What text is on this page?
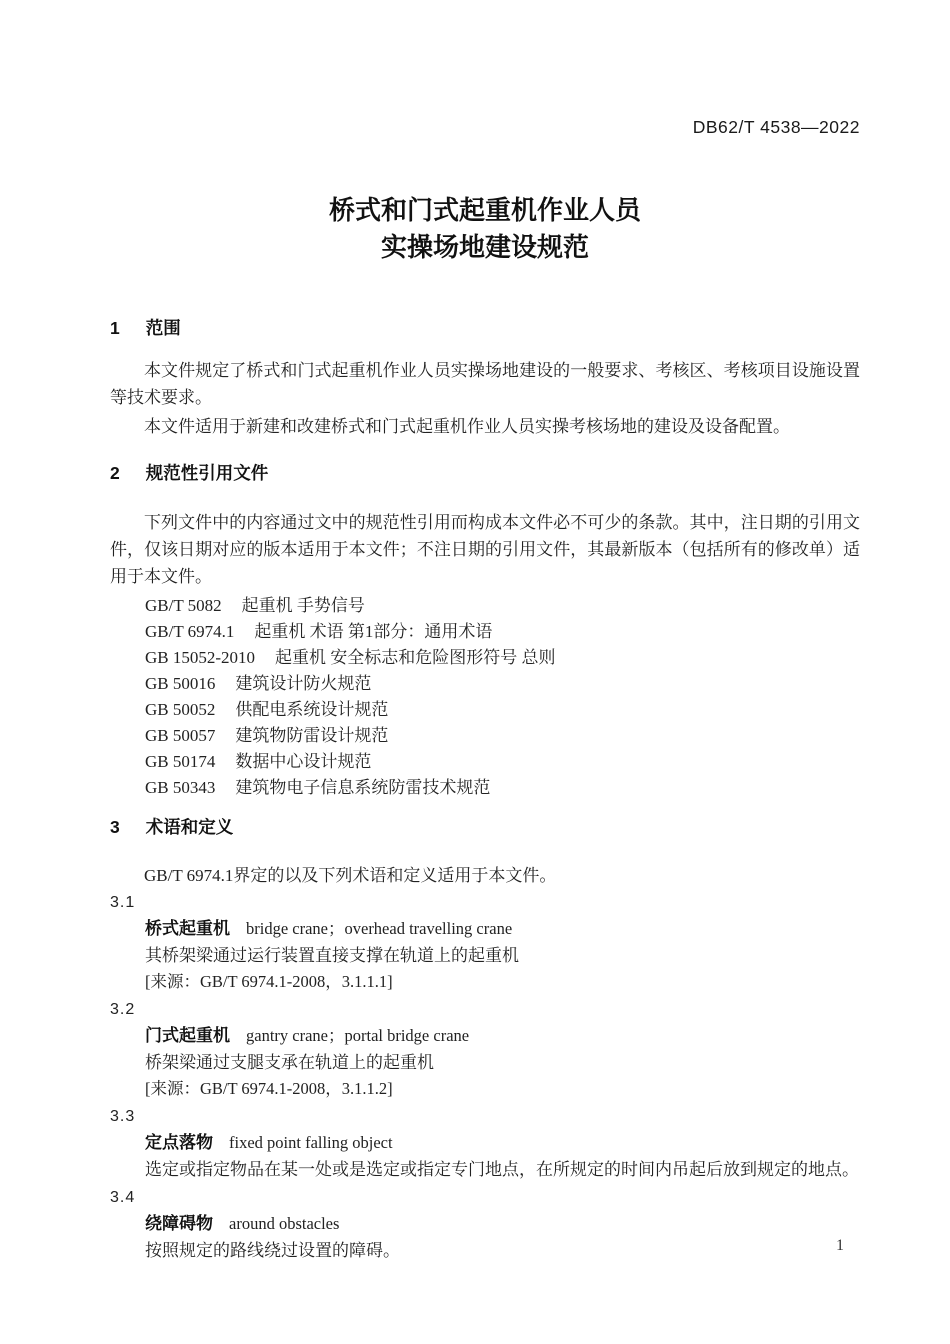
DB62/T 4538—2022
桥式和门式起重机作业人员
实操场地建设规范
1 范围

本文件规定了桥式和门式起重机作业人员实操场地建设的一般要求、考核区、考核项目设施设置等技术要求。

本文件适用于新建和改建桥式和门式起重机作业人员实操考核场地的建设及设备配置。

2 规范性引用文件

下列文件中的内容通过文中的规范性引用而构成本文件必不可少的条款。其中，注日期的引用文件，仅该日期对应的版本适用于本文件；不注日期的引用文件，其最新版本（包括所有的修改单）适用于本文件。

GB/T 5082 起重机 手势信号
GB/T 6974.1 起重机 术语 第1部分：通用术语
GB 15052-2010 起重机 安全标志和危险图形符号 总则
GB 50016 建筑设计防火规范
GB 50052 供配电系统设计规范
GB 50057 建筑物防雷设计规范
GB 50174 数据中心设计规范
GB 50343 建筑物电子信息系统防雷技术规范
3 术语和定义

GB/T 6974.1界定的以及下列术语和定义适用于本文件。

3.1
桥式起重机 bridge crane；overhead travelling crane
其桥架梁通过运行装置直接支撑在轨道上的起重机
[来源：GB/T 6974.1-2008，3.1.1.1]
3.2
门式起重机 gantry crane；portal bridge crane
桥架梁通过支腿支承在轨道上的起重机
[来源：GB/T 6974.1-2008，3.1.1.2]
3.3
定点落物 fixed point falling object
选定或指定物品在某一处或是选定或指定专门地点，在所规定的时间内吊起后放到规定的地点。
3.4
绕障碍物 around obstacles
按照规定的路线绕过设置的障碍。	1
